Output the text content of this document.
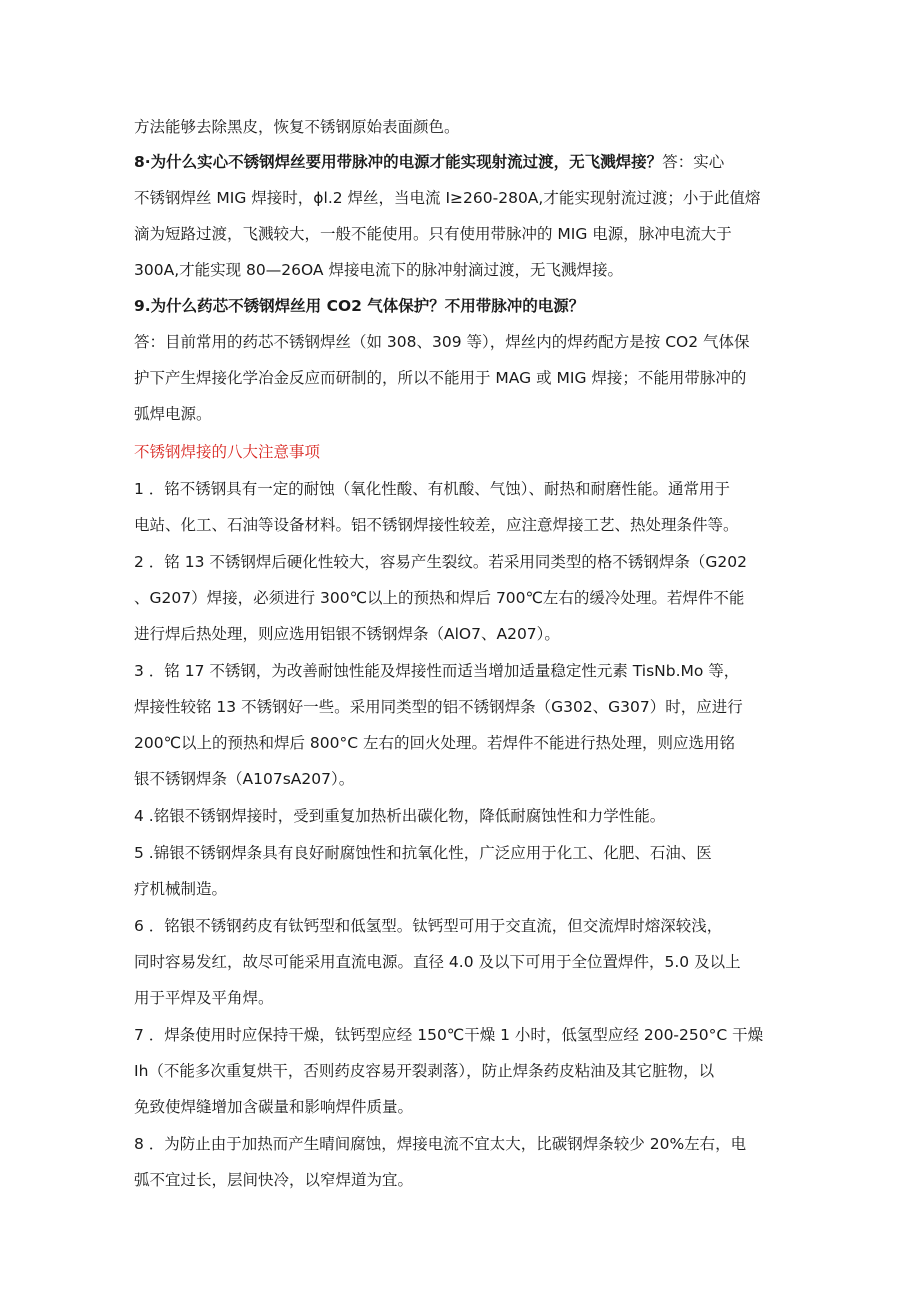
方法能够去除黑皮，恢复不锈钢原始表面颜色。

8·为什么实心不锈钢焊丝要用带脉冲的电源才能实现射流过渡，无飞溅焊接？答：实心

不锈钢焊丝 MIG 焊接时，ϕl.2 焊丝，当电流 I≥260-280A,才能实现射流过渡；小于此值熔

滴为短路过渡，飞溅较大，一般不能使用。只有使用带脉冲的 MIG 电源，脉冲电流大于

300A,才能实现 80—26OA 焊接电流下的脉冲射滴过渡，无飞溅焊接。

9.为什么药芯不锈钢焊丝用 CO2 气体保护？不用带脉冲的电源？

答：目前常用的药芯不锈钢焊丝（如 308、309 等），焊丝内的焊药配方是按 CO2 气体保

护下产生焊接化学冶金反应而研制的，所以不能用于 MAG 或 MIG 焊接；不能用带脉冲的

弧焊电源。

不锈钢焊接的八大注意事项

1 ．铭不锈钢具有一定的耐蚀（氧化性酸、有机酸、气蚀）、耐热和耐磨性能。通常用于

电站、化工、石油等设备材料。铝不锈钢焊接性较差，应注意焊接工艺、热处理条件等。

2 ．铭 13 不锈钢焊后硬化性较大，容易产生裂纹。若采用同类型的格不锈钢焊条（G202

、G207）焊接，必须进行 300℃以上的预热和焊后 700℃左右的缓冷处理。若焊件不能

进行焊后热处理，则应选用铝银不锈钢焊条（AlO7、A207）。

3 ．铭 17 不锈钢，为改善耐蚀性能及焊接性而适当增加适量稳定性元素 TisNb.Mo 等，

焊接性较铭 13 不锈钢好一些。采用同类型的铝不锈钢焊条（G302、G307）时，应进行

200℃以上的预热和焊后 800°C 左右的回火处理。若焊件不能进行热处理，则应选用铭

银不锈钢焊条（A107sA207）。

4 .铭银不锈钢焊接时，受到重复加热析出碳化物，降低耐腐蚀性和力学性能。

5 .锦银不锈钢焊条具有良好耐腐蚀性和抗氧化性，广泛应用于化工、化肥、石油、医

疗机械制造。

6 ．铭银不锈钢药皮有钛钙型和低氢型。钛钙型可用于交直流，但交流焊时熔深较浅，

同时容易发红，故尽可能采用直流电源。直径 4.0 及以下可用于全位置焊件，5.0 及以上

用于平焊及平角焊。

7 ．焊条使用时应保持干燥，钛钙型应经 150℃干燥 1 小时，低氢型应经 200-250°C 干燥

Ih（不能多次重复烘干，否则药皮容易开裂剥落），防止焊条药皮粘油及其它脏物，以

免致使焊缝增加含碳量和影响焊件质量。

8 ．为防止由于加热而产生晴间腐蚀，焊接电流不宜太大，比碳钢焊条较少 20%左右，电

弧不宜过长，层间快冷，以窄焊道为宜。
